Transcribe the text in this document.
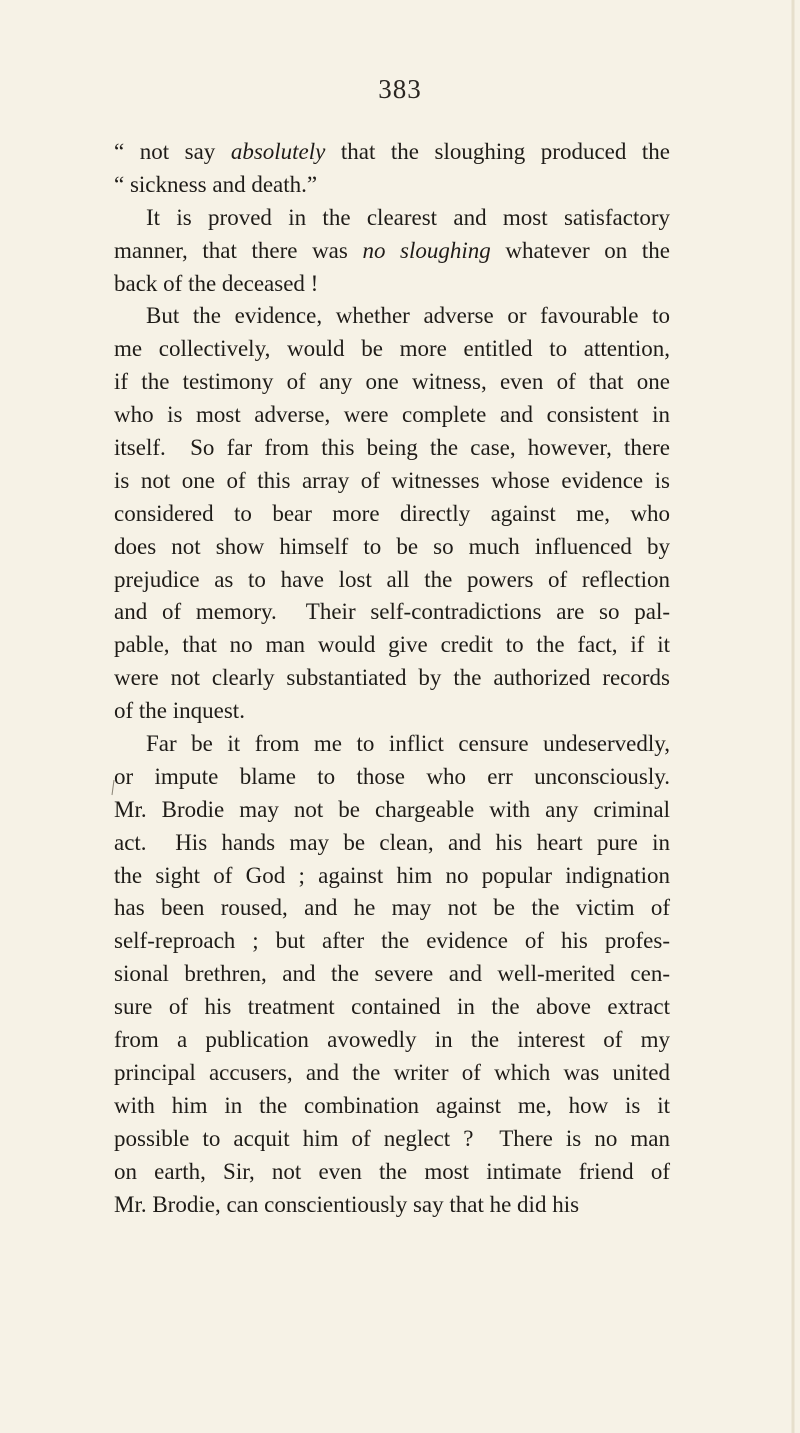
383
“ not say absolutely that the sloughing produced the
“ sickness and death.”
It is proved in the clearest and most satisfactory
manner, that there was no sloughing whatever on the
back of the deceased !
But the evidence, whether adverse or favourable to
me collectively, would be more entitled to attention,
if the testimony of any one witness, even of that one
who is most adverse, were complete and consistent in
itself.  So far from this being the case, however, there
is not one of this array of witnesses whose evidence is
considered to bear more directly against me, who
does not show himself to be so much influenced by
prejudice as to have lost all the powers of reflection
and of memory.  Their self-contradictions are so pal-
pable, that no man would give credit to the fact, if it
were not clearly substantiated by the authorized records
of the inquest.
Far be it from me to inflict censure undeservedly,
or impute blame to those who err unconsciously.
Mr. Brodie may not be chargeable with any criminal
act.  His hands may be clean, and his heart pure in
the sight of God ; against him no popular indignation
has been roused, and he may not be the victim of
self-reproach ; but after the evidence of his profes-
sional brethren, and the severe and well-merited cen-
sure of his treatment contained in the above extract
from a publication avowedly in the interest of my
principal accusers, and the writer of which was united
with him in the combination against me, how is it
possible to acquit him of neglect ?  There is no man
on earth, Sir, not even the most intimate friend of
Mr. Brodie, can conscientiously say that he did his
